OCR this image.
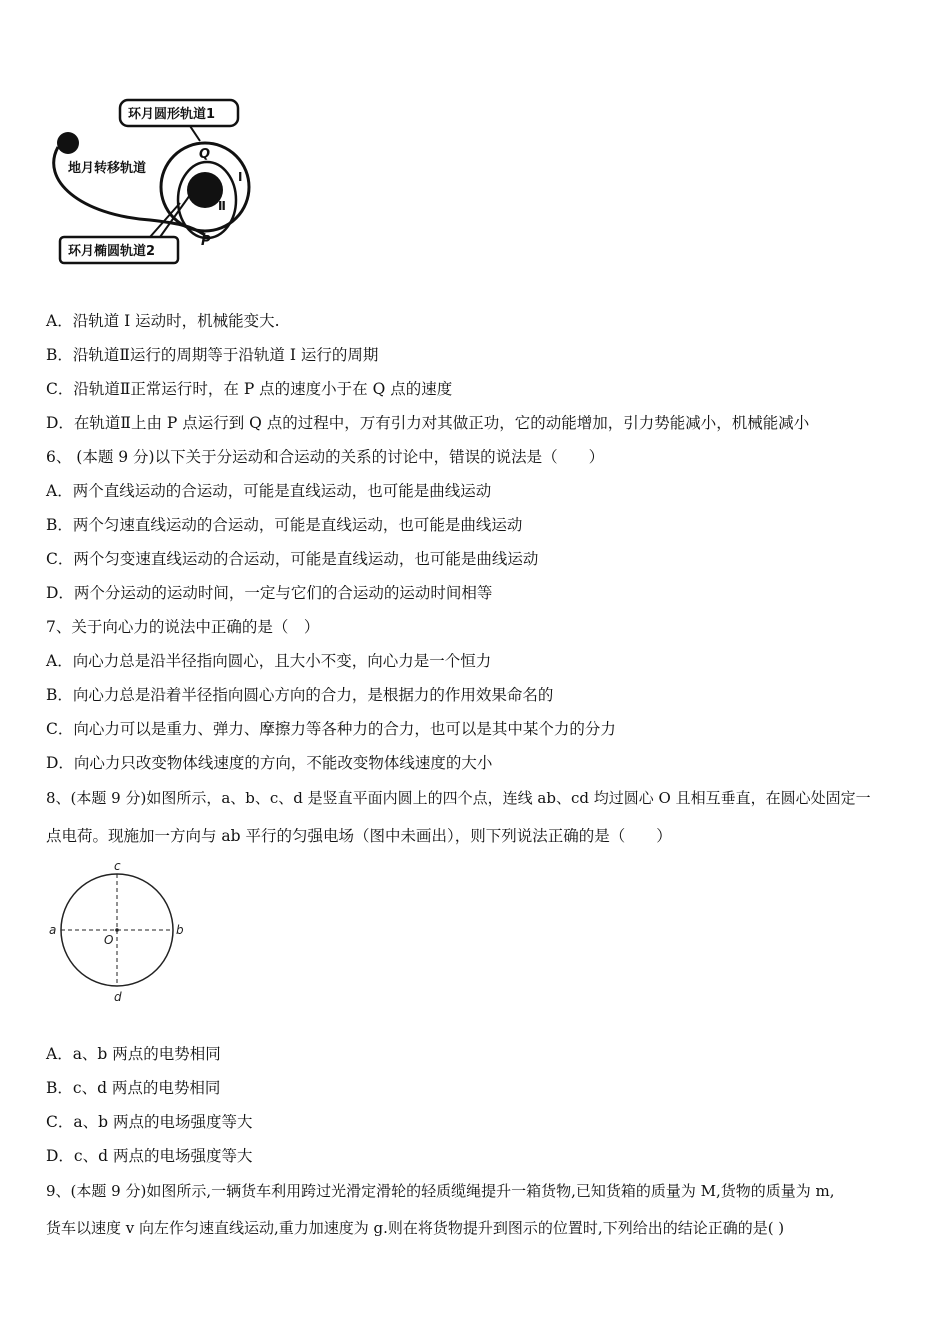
环月圆形轨道1
地月转移轨道
环月椭圆轨道2
Q
P
I
Ⅱ
A．沿轨道 I 运动时，机械能变大.
B．沿轨道Ⅱ运行的周期等于沿轨道 I 运行的周期
C．沿轨道Ⅱ正常运行时，在 P 点的速度小于在 Q 点的速度
D．在轨道Ⅱ上由 P 点运行到 Q 点的过程中，万有引力对其做正功，它的动能增加，引力势能减小，机械能减小
6、 (本题 9 分)以下关于分运动和合运动的关系的讨论中，错误的说法是（　　）
A．两个直线运动的合运动，可能是直线运动，也可能是曲线运动
B．两个匀速直线运动的合运动，可能是直线运动，也可能是曲线运动
C．两个匀变速直线运动的合运动，可能是直线运动，也可能是曲线运动
D．两个分运动的运动时间，一定与它们的合运动的运动时间相等
7、关于向心力的说法中正确的是（　）
A．向心力总是沿半径指向圆心，且大小不变，向心力是一个恒力
B．向心力总是沿着半径指向圆心方向的合力，是根据力的作用效果命名的
C．向心力可以是重力、弹力、摩擦力等各种力的合力，也可以是其中某个力的分力
D．向心力只改变物体线速度的方向，不能改变物体线速度的大小
8、(本题 9 分)如图所示，a、b、c、d 是竖直平面内圆上的四个点，连线 ab、cd 均过圆心 O 且相互垂直，在圆心处固定一
点电荷。现施加一方向与 ab 平行的匀强电场（图中未画出），则下列说法正确的是（　　）
a	b
c
d
O
A．a、b 两点的电势相同
B．c、d 两点的电势相同
C．a、b 两点的电场强度等大
D．c、d 两点的电场强度等大
9、(本题 9 分)如图所示,一辆货车利用跨过光滑定滑轮的轻质缆绳提升一箱货物,已知货箱的质量为 M,货物的质量为 m,
货车以速度 v 向左作匀速直线运动,重力加速度为 g.则在将货物提升到图示的位置时,下列给出的结论正确的是( )
